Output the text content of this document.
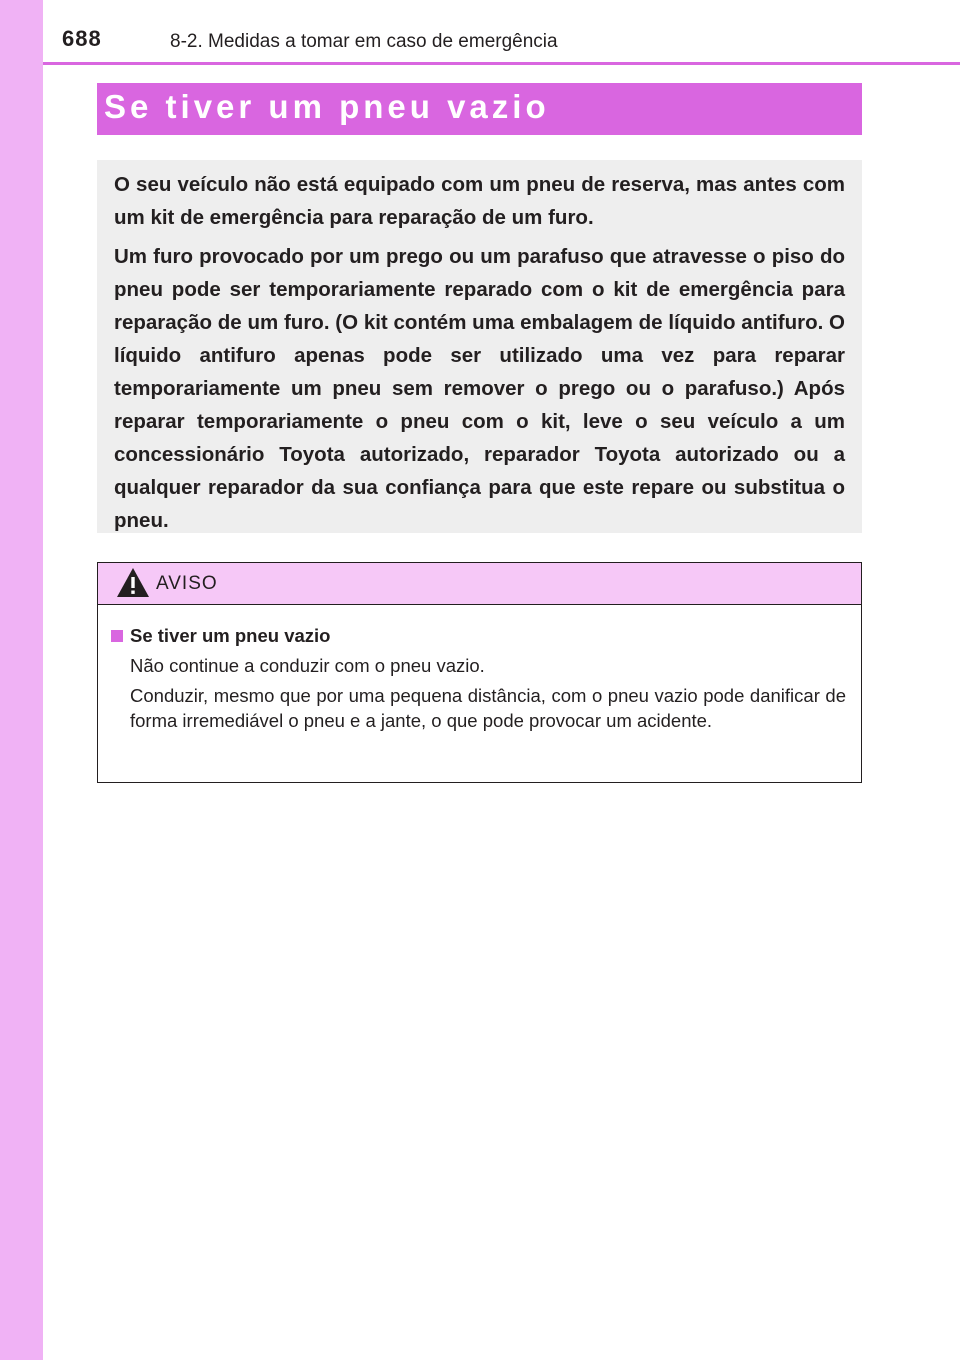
688	8-2. Medidas a tomar em caso de emergência
Se tiver um pneu vazio

O seu veículo não está equipado com um pneu de reserva, mas antes com um kit de emergência para reparação de um furo.

Um furo provocado por um prego ou um parafuso que atravesse o piso do pneu pode ser temporariamente reparado com o kit de emergência para reparação de um furo. (O kit contém uma embalagem de líquido antifuro. O líquido antifuro apenas pode ser utilizado uma vez para reparar temporariamente um pneu sem remover o prego ou o parafuso.) Após reparar temporariamente o pneu com o kit, leve o seu veículo a um concessionário Toyota autorizado, reparador Toyota autorizado ou a qualquer reparador da sua confiança para que este repare ou substitua o pneu.

AVISO
Se tiver um pneu vazio

Não continue a conduzir com o pneu vazio.

Conduzir, mesmo que por uma pequena distância, com o pneu vazio pode danificar de forma irremediável o pneu e a jante, o que pode provocar um acidente.
